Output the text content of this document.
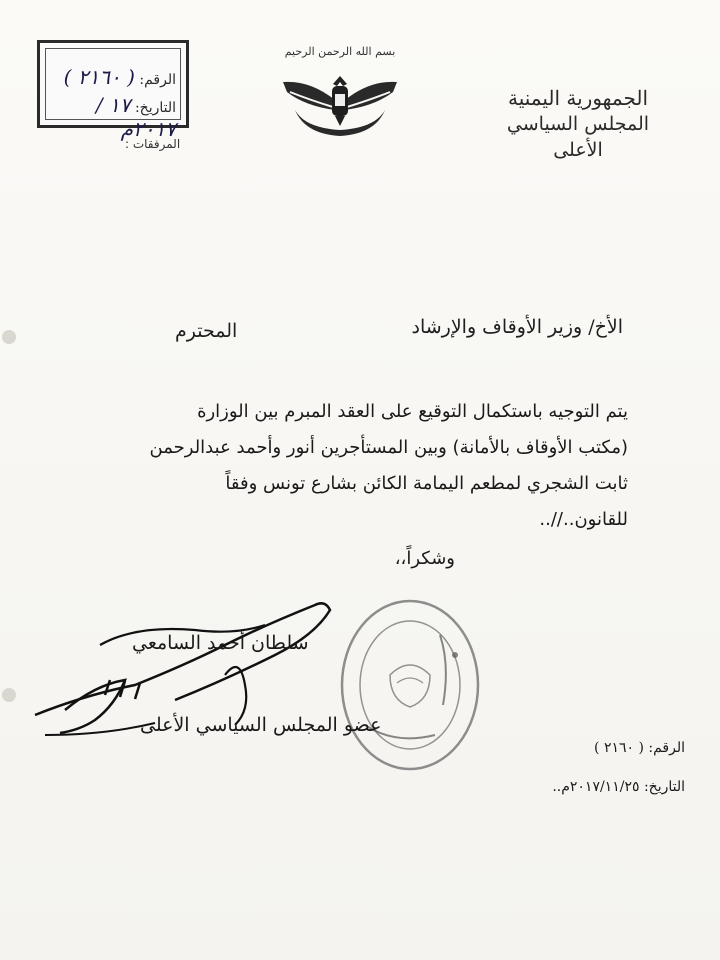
الجمهورية اليمنية
المجلس السياسي الأعلى
بسم الله الرحمن الرحيم
الرقم: ( ٢١٦٠ )
التاريخ: ١٧ / ٢٠١٧م
المرفقات :
الأخ/ وزير الأوقاف والإرشاد
المحترم
يتم التوجيه باستكمال التوقيع على العقد المبرم بين الوزارة
(مكتب الأوقاف بالأمانة) وبين المستأجرين أنور وأحمد عبدالرحمن
ثابت الشجري لمطعم اليمامة الكائن بشارع تونس وفقاً
للقانون..//..
وشكراً،،
سلطان أحمد السامعي
عضو المجلس السياسي الأعلى
الرقم: ( ٢١٦٠ )
التاريخ: ٢٠١٧/١١/٢٥م..
